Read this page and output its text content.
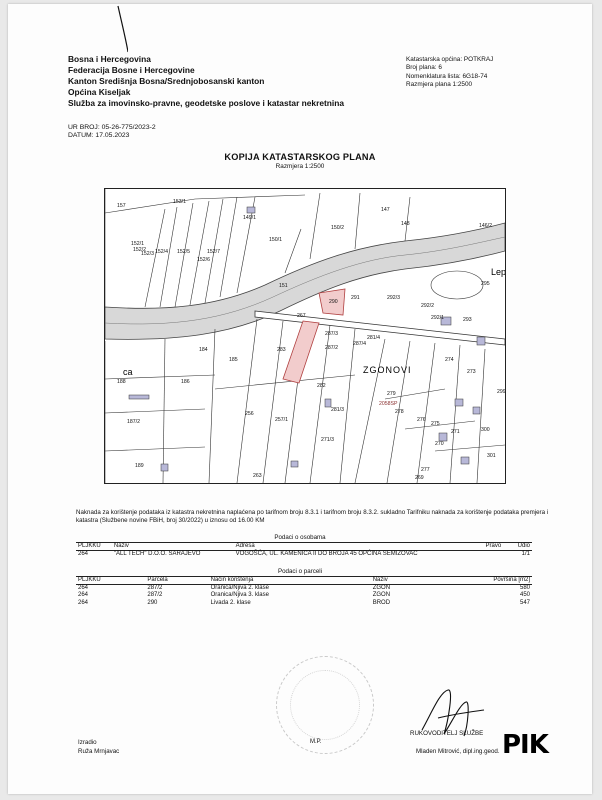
Bosna i Hercegovina
Federacija Bosne i Hercegovine
Kanton Središnja Bosna/Srednjobosanski kanton
Općina Kiseljak
Služba za imovinsko-pravne, geodetske poslove i katastar nekretnina
Katastarska općina: POTKRAJ
Broj plana: 6
Nomenklatura lista: 6G18-74
Razmjera plana 1:2500
UR BROJ: 05-26-775/2023-2
DATUM: 17.05.2023
KOPIJA KATASTARSKOG PLANA
Razmjera 1:2500
157
153/1
149/1
147
148	146/2
152/1
152/2
152/3 152/4 152/5
152/6
152/7
150/1
150/2
151
290
291	292/3
292/2
292/1	293
295
267
287/3
287/2
287/4
281/4
184
185
186
188
187/2
189
283
282
281/3
271/3
279
278
274
273
276
275
271
270
299
300
301
277
269
256
257/1
263
2058SP
ZGONOVI
Lep
ca
Naknada za korištenje podataka iz katastra nekretnina naplaćena po tarifnom broju 8.3.1 i tarifnom broju 8.3.2. sukladno Tarifniku naknada za korištenje podataka premjera i katastra (Službene novine FBiH, broj 30/2022) u iznosu od 16.00 KM
Podaci o osobama
PLJKKU	Naziv	Adresa	Pravo	Udio
264	"ALL TECH" D.O.O. SARAJEVO	VOGOŠĆA, UL. KAMENICA II DO BROJA 45 OPĆINA SEMIZOVAC		1/1
Podaci o parceli
PLJKKU	Parcela	Način korištenja	Naziv	Površina [m2]
264	287/2	Oranica/Njiva 2. klase	ZGON	580
264	287/2	Oranica/Njiva 3. klase	ZGON	450
264	290	Livada 2. klase	BROD	547
Izradio
Ruža Mrnjavac
M.P.
RUKOVODITELJ SLUŽBE
Mladen Mitrović, dipl.ing.geod. PIK
